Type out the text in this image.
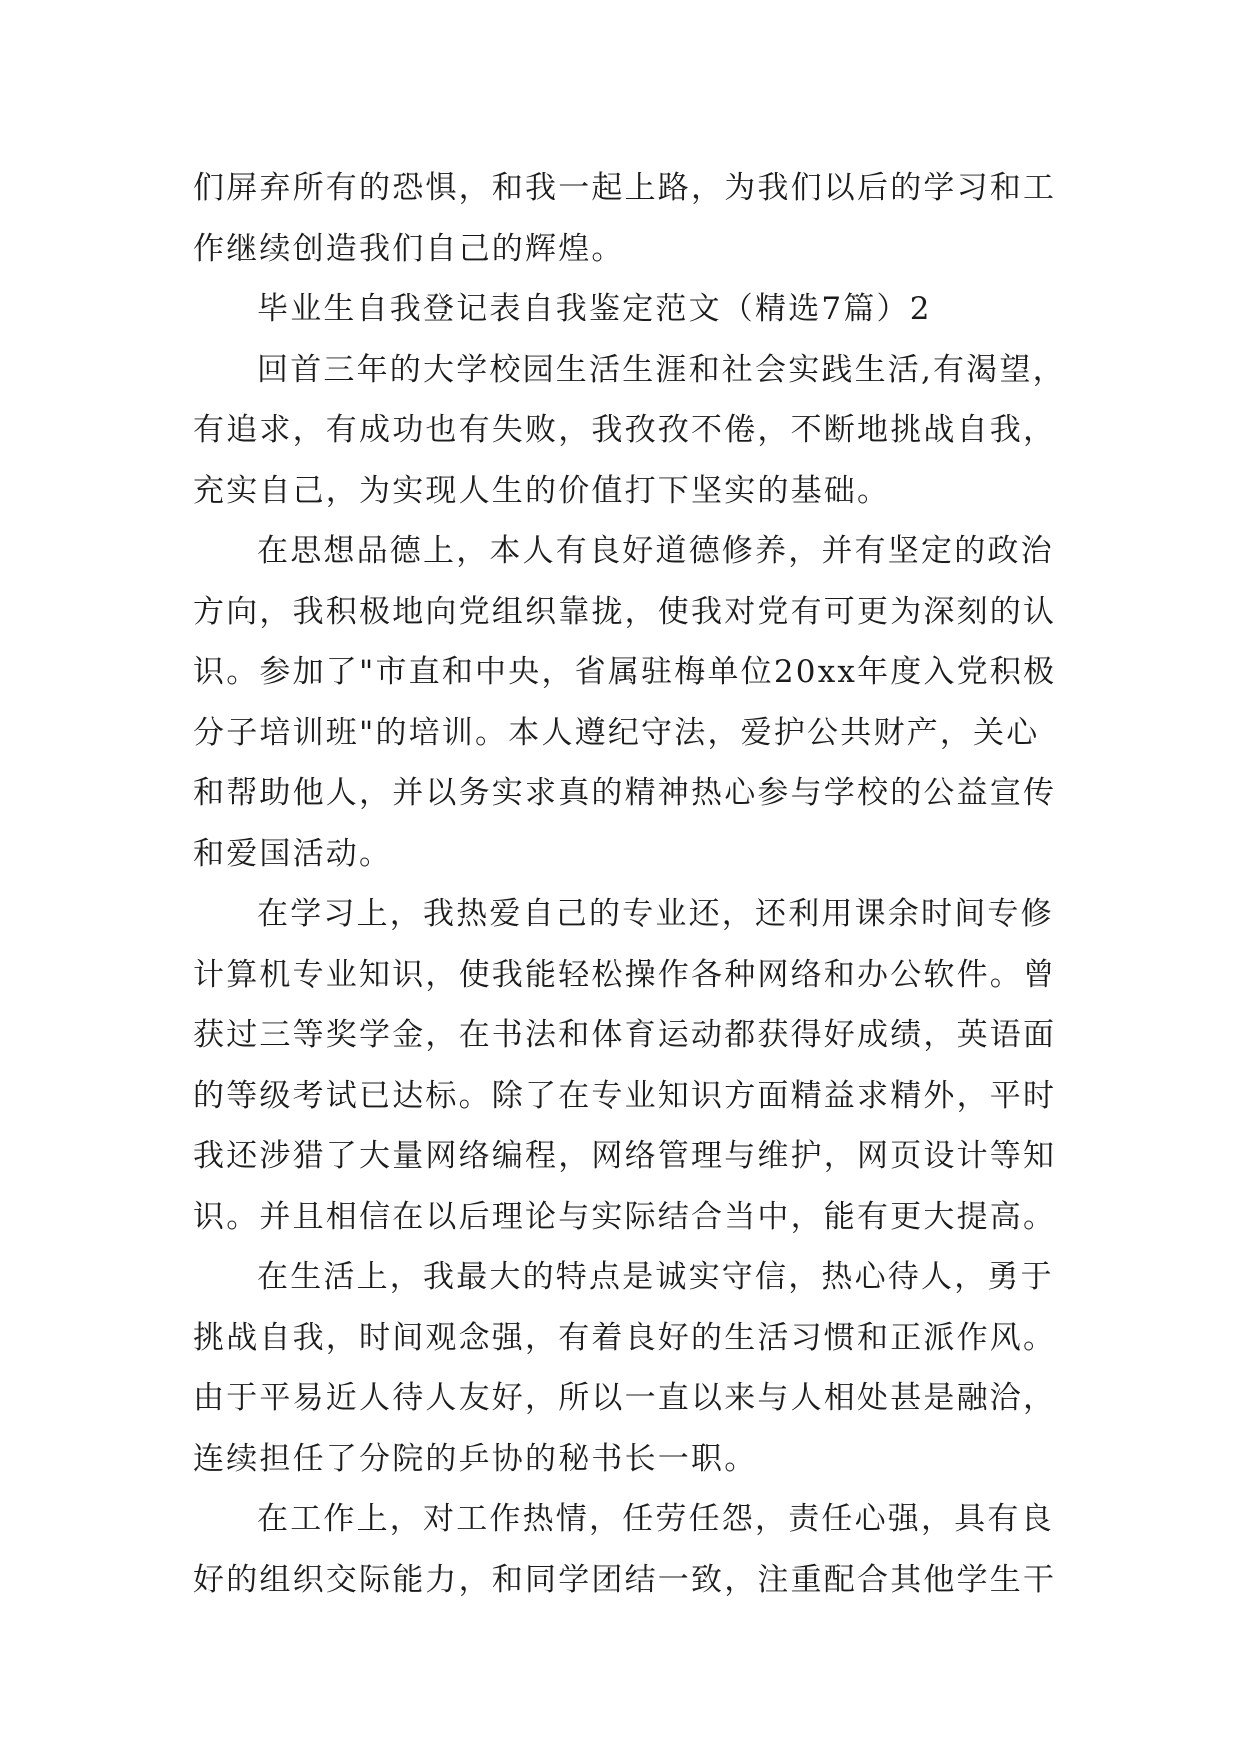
们屏弃所有的恐惧，和我一起上路，为我们以后的学习和工
作继续创造我们自己的辉煌。
毕业生自我登记表自我鉴定范文（精选7篇）2
回首三年的大学校园生活生涯和社会实践生活,有渴望，
有追求，有成功也有失败，我孜孜不倦，不断地挑战自我，
充实自己，为实现人生的价值打下坚实的基础。
在思想品德上，本人有良好道德修养，并有坚定的政治
方向，我积极地向党组织靠拢，使我对党有可更为深刻的认
识。参加了"市直和中央，省属驻梅单位20xx年度入党积极
分子培训班"的培训。本人遵纪守法，爱护公共财产，关心
和帮助他人，并以务实求真的精神热心参与学校的公益宣传
和爱国活动。
在学习上，我热爱自己的专业还，还利用课余时间专修
计算机专业知识，使我能轻松操作各种网络和办公软件。曾
获过三等奖学金，在书法和体育运动都获得好成绩，英语面
的等级考试已达标。除了在专业知识方面精益求精外，平时
我还涉猎了大量网络编程，网络管理与维护，网页设计等知
识。并且相信在以后理论与实际结合当中，能有更大提高。
在生活上，我最大的特点是诚实守信，热心待人，勇于
挑战自我，时间观念强，有着良好的生活习惯和正派作风。
由于平易近人待人友好，所以一直以来与人相处甚是融洽，
连续担任了分院的乒协的秘书长一职。
在工作上，对工作热情，任劳任怨，责任心强，具有良
好的组织交际能力，和同学团结一致，注重配合其他学生干
